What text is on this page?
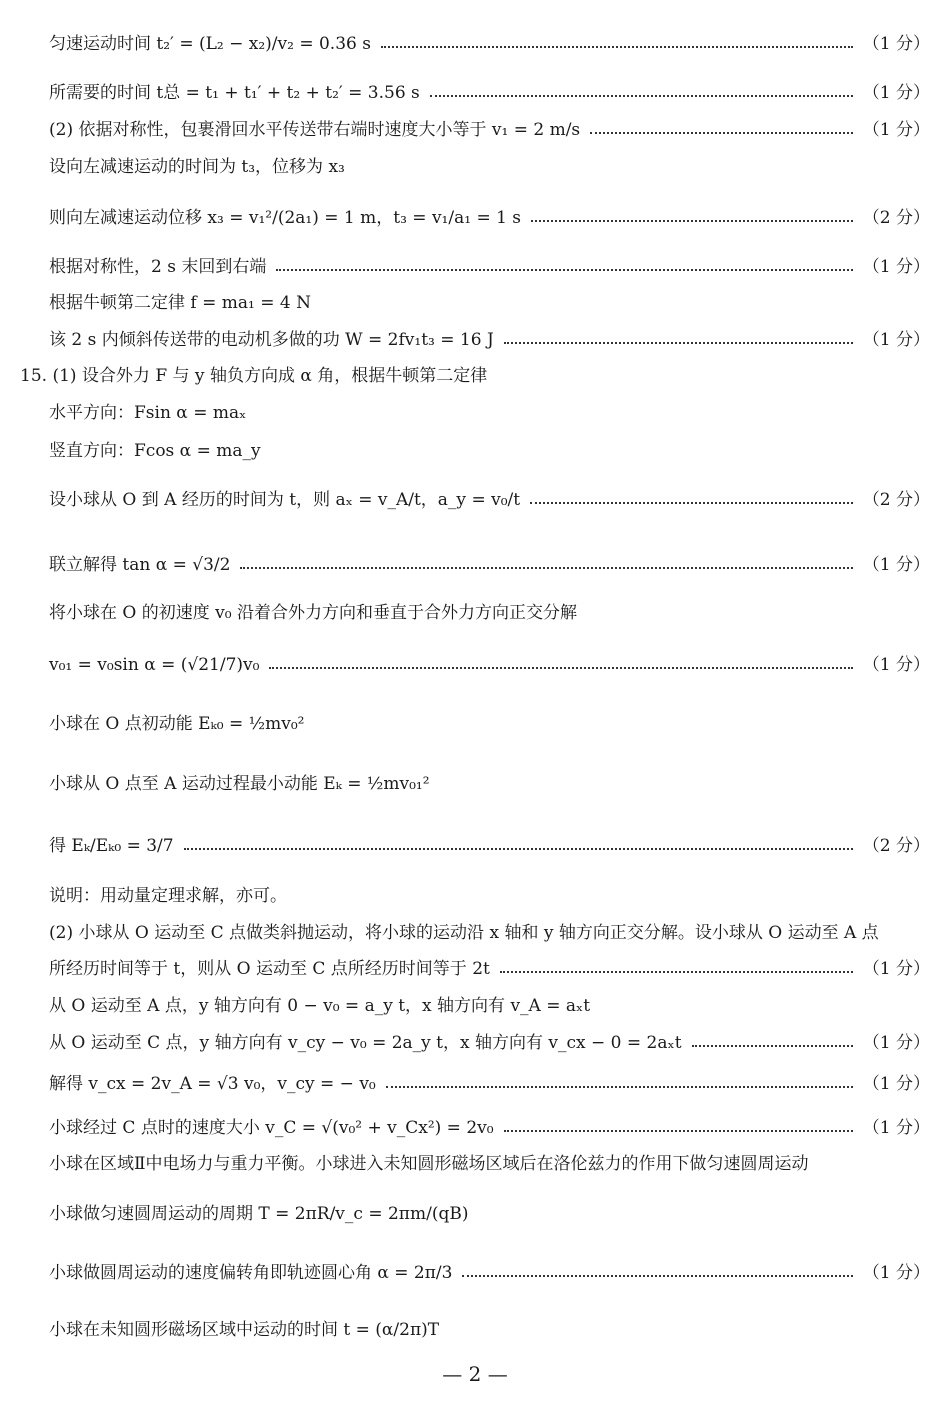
匀速运动时间 t₂′ = (L₂ − x₂)/v₂ = 0.36 s	（1 分）
所需要的时间 t总 = t₁ + t₁′ + t₂ + t₂′ = 3.56 s	（1 分）
(2) 依据对称性，包裹滑回水平传送带右端时速度大小等于 v₁ = 2 m/s	（1 分）
设向左减速运动的时间为 t₃，位移为 x₃
则向左减速运动位移 x₃ = v₁²/(2a₁) = 1 m，t₃ = v₁/a₁ = 1 s	（2 分）
根据对称性，2 s 末回到右端	（1 分）
根据牛顿第二定律 f = ma₁ = 4 N
该 2 s 内倾斜传送带的电动机多做的功 W = 2fv₁t₃ = 16 J	（1 分）
15. (1) 设合外力 F 与 y 轴负方向成 α 角，根据牛顿第二定律
水平方向：Fsin α = maₓ
竖直方向：Fcos α = ma_y
设小球从 O 到 A 经历的时间为 t，则 aₓ = v_A/t，a_y = v₀/t	（2 分）
联立解得 tan α = √3/2	（1 分）
将小球在 O 的初速度 v₀ 沿着合外力方向和垂直于合外力方向正交分解
v₀₁ = v₀sin α = (√21/7)v₀	（1 分）
小球在 O 点初动能 Eₖ₀ = ½mv₀²
小球从 O 点至 A 运动过程最小动能 Eₖ = ½mv₀₁²
得 Eₖ/Eₖ₀ = 3/7	（2 分）
说明：用动量定理求解，亦可。
(2) 小球从 O 运动至 C 点做类斜抛运动，将小球的运动沿 x 轴和 y 轴方向正交分解。设小球从 O 运动至 A 点
所经历时间等于 t，则从 O 运动至 C 点所经历时间等于 2t	（1 分）
从 O 运动至 A 点，y 轴方向有 0 − v₀ = a_y t，x 轴方向有 v_A = aₓt
从 O 运动至 C 点，y 轴方向有 v_cy − v₀ = 2a_y t，x 轴方向有 v_cx − 0 = 2aₓt	（1 分）
解得 v_cx = 2v_A = √3 v₀，v_cy = − v₀	（1 分）
小球经过 C 点时的速度大小 v_C = √(v₀² + v_Cx²) = 2v₀	（1 分）
小球在区域Ⅱ中电场力与重力平衡。小球进入未知圆形磁场区域后在洛伦兹力的作用下做匀速圆周运动
小球做匀速圆周运动的周期 T = 2πR/v_c = 2πm/(qB)
小球做圆周运动的速度偏转角即轨迹圆心角 α = 2π/3	（1 分）
小球在未知圆形磁场区域中运动的时间 t = (α/2π)T
— 2 —
